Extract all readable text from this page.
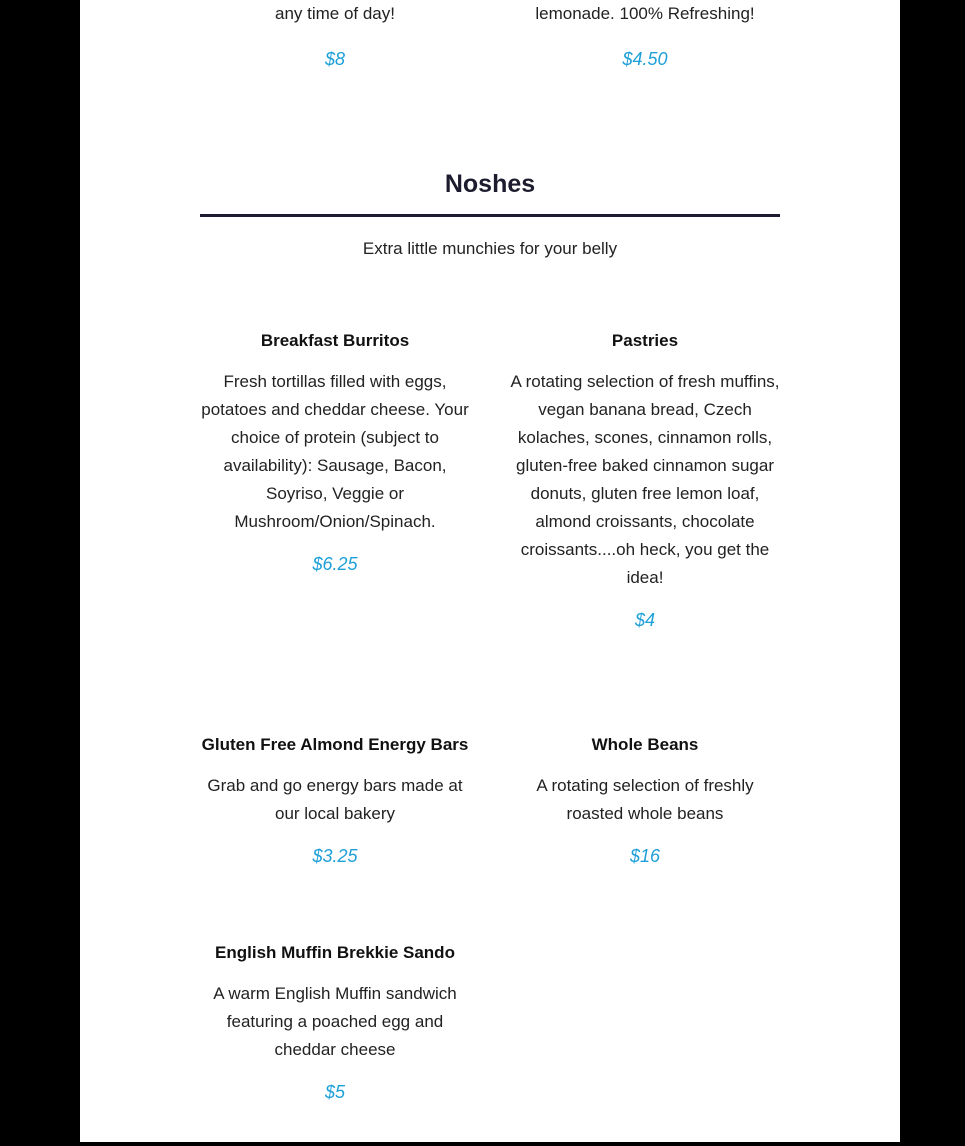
any time of day!
$8
lemonade. 100% Refreshing!
$4.50
Noshes
Extra little munchies for your belly
Breakfast Burritos
Fresh tortillas filled with eggs, potatoes and cheddar cheese. Your choice of protein (subject to availability): Sausage, Bacon, Soyriso, Veggie or Mushroom/Onion/Spinach.
$6.25
Pastries
A rotating selection of fresh muffins, vegan banana bread, Czech kolaches, scones, cinnamon rolls, gluten-free baked cinnamon sugar donuts, gluten free lemon loaf, almond croissants, chocolate croissants....oh heck, you get the idea!
$4
Gluten Free Almond Energy Bars
Grab and go energy bars made at our local bakery
$3.25
Whole Beans
A rotating selection of freshly roasted whole beans
$16
English Muffin Brekkie Sando
A warm English Muffin sandwich featuring a poached egg and cheddar cheese
$5
